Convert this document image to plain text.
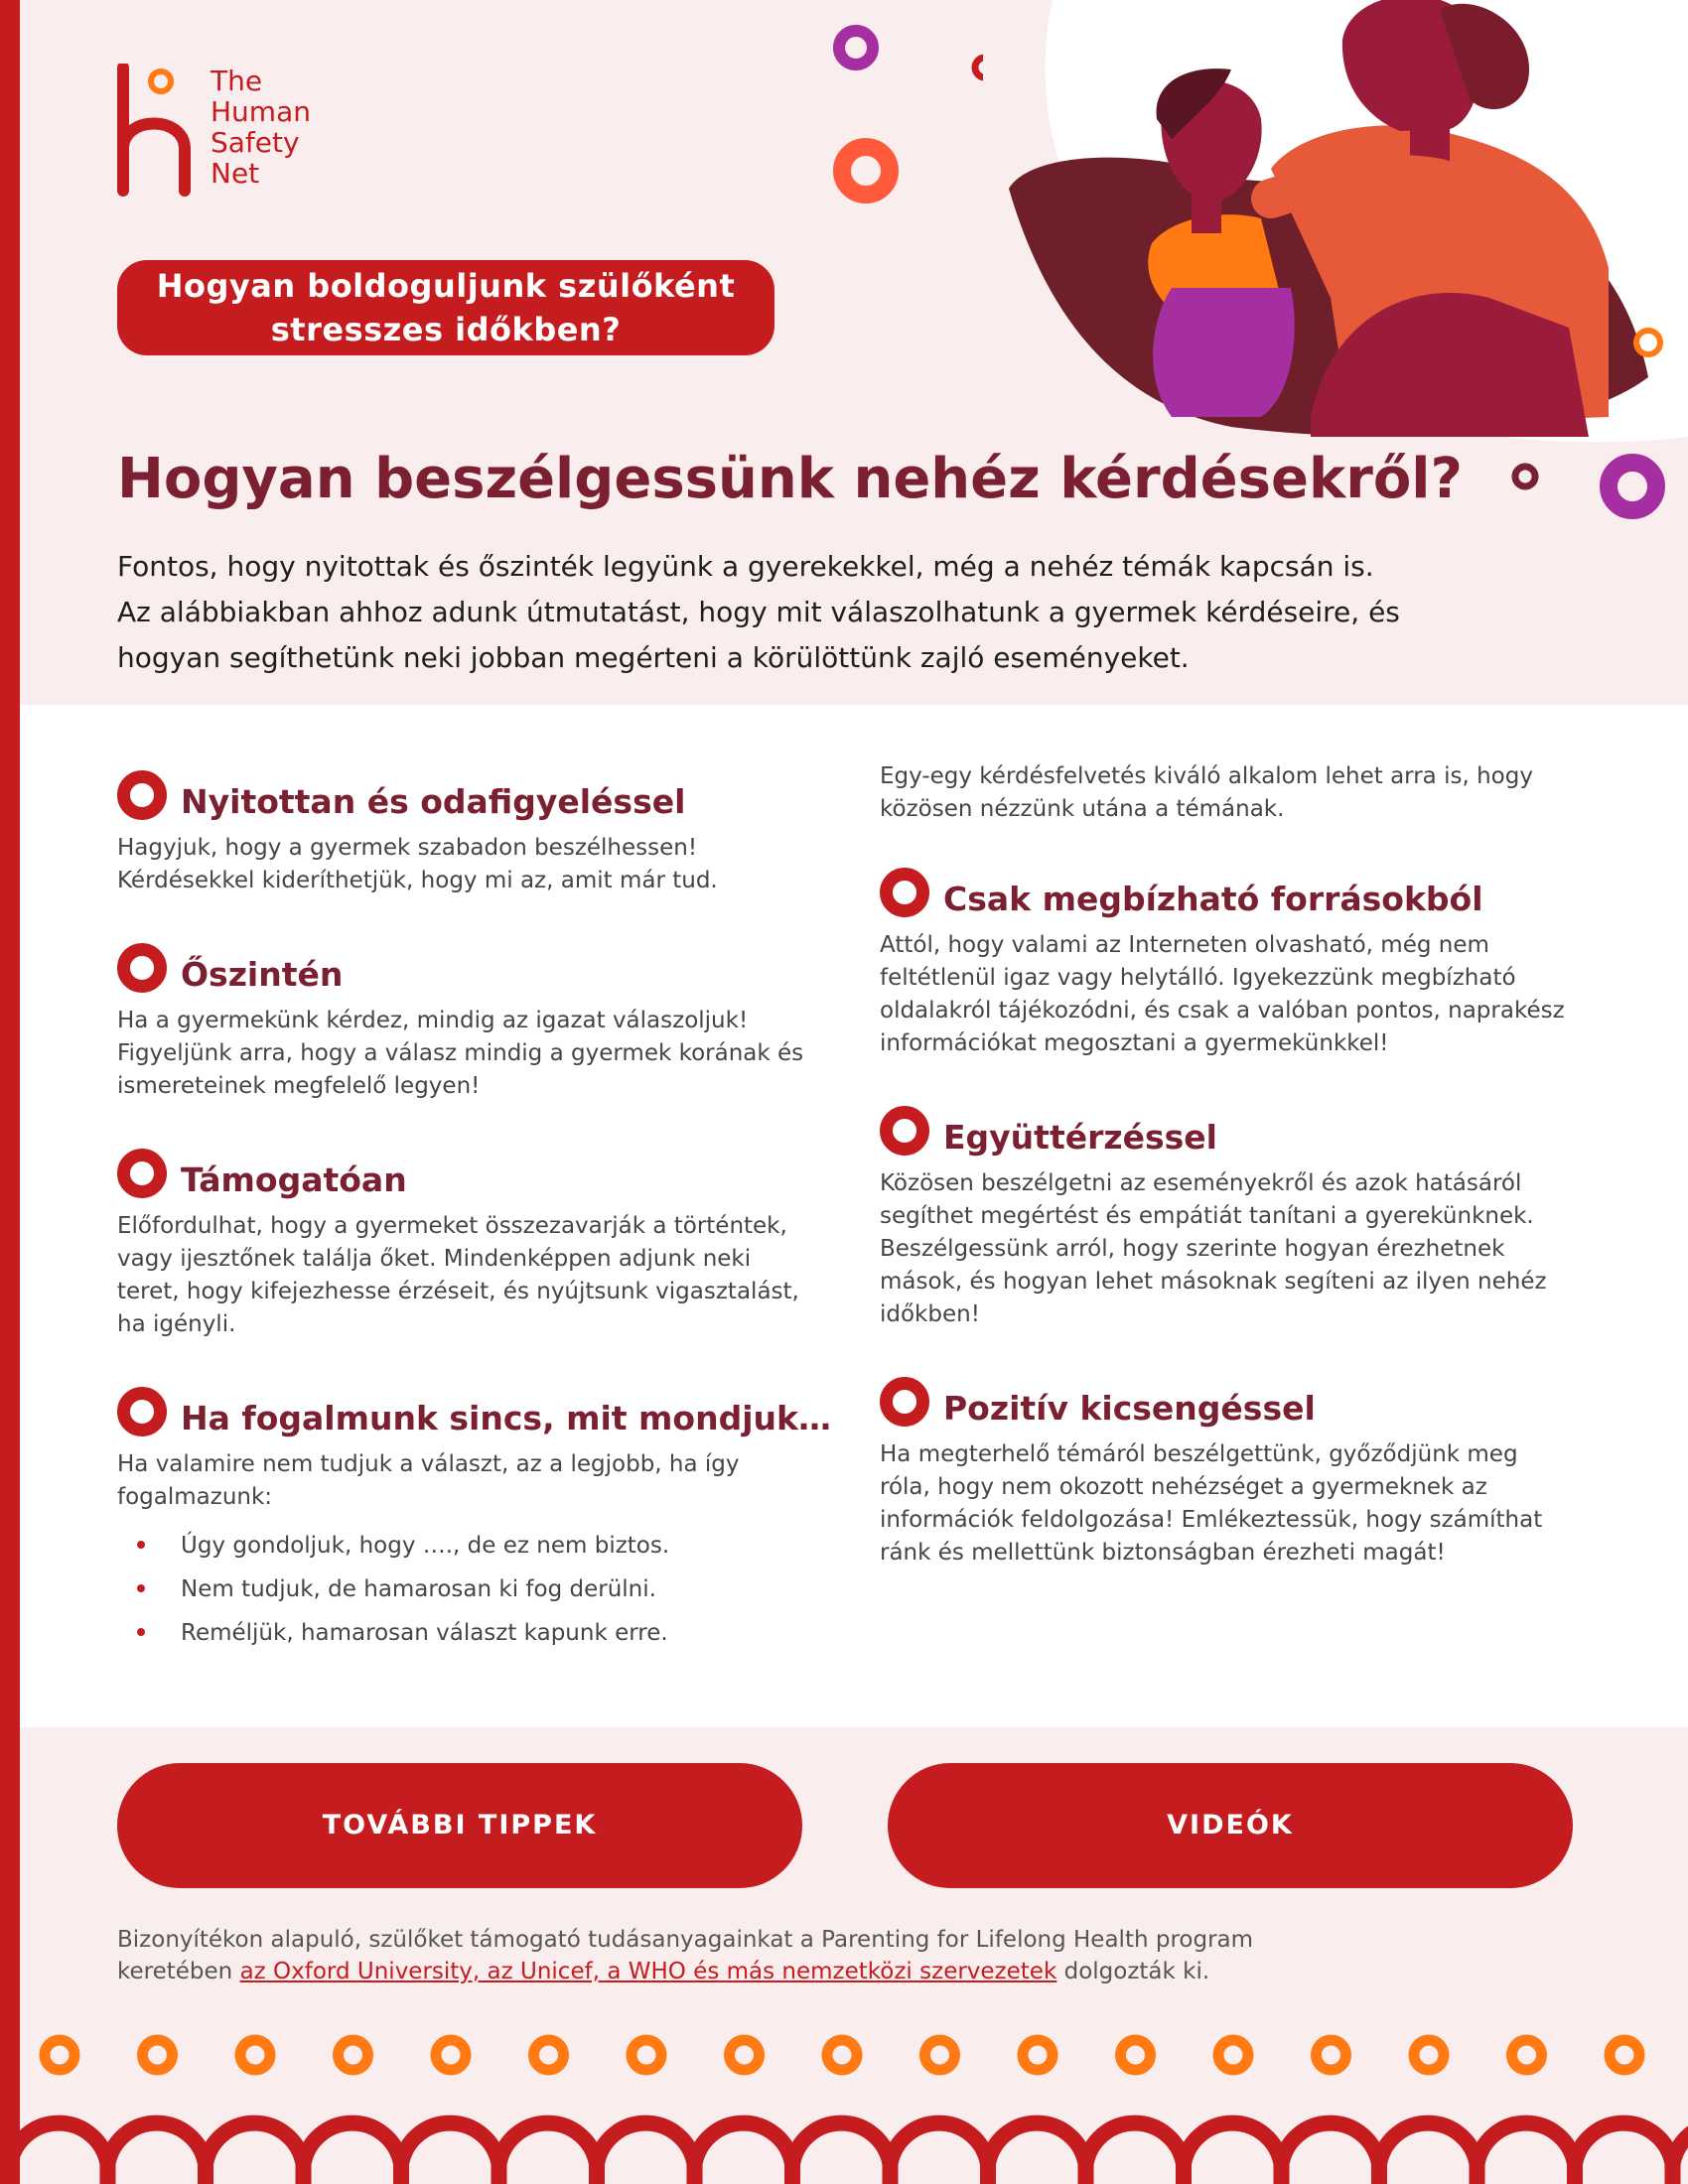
The
Human
Safety
Net
Hogyan boldoguljunk szülőként
stresszes időkben?
Hogyan beszélgessünk nehéz kérdésekről?

Fontos, hogy nyitottak és őszinték legyünk a gyerekekkel, még a nehéz témák kapcsán is.

Az alábbiakban ahhoz adunk útmutatást, hogy mit válaszolhatunk a gyermek kérdéseire, és

hogyan segíthetünk neki jobban megérteni a körülöttünk zajló eseményeket.

Nyitottan és odafigyeléssel

Hagyjuk, hogy a gyermek szabadon beszélhessen!

Kérdésekkel kideríthetjük, hogy mi az, amit már tud.

Őszintén

Ha a gyermekünk kérdez, mindig az igazat válaszoljuk!

Figyeljünk arra, hogy a válasz mindig a gyermek korának és

ismereteinek megfelelő legyen!

Támogatóan

Előfordulhat, hogy a gyermeket összezavarják a történtek,

vagy ijesztőnek találja őket. Mindenképpen adjunk neki

teret, hogy kifejezhesse érzéseit, és nyújtsunk vigasztalást,

ha igényli.

Ha fogalmunk sincs, mit mondjuk…

Ha valamire nem tudjuk a választ, az a legjobb, ha így

fogalmazunk:

Úgy gondoljuk, hogy …., de ez nem biztos.
Nem tudjuk, de hamarosan ki fog derülni.
Reméljük, hamarosan választ kapunk erre.

Egy-egy kérdésfelvetés kiváló alkalom lehet arra is, hogy

közösen nézzünk utána a témának.

Csak megbízható forrásokból

Attól, hogy valami az Interneten olvasható, még nem

feltétlenül igaz vagy helytálló. Igyekezzünk megbízható

oldalakról tájékozódni, és csak a valóban pontos, naprakész

információkat megosztani a gyermekünkkel!

Együttérzéssel

Közösen beszélgetni az eseményekről és azok hatásáról

segíthet megértést és empátiát tanítani a gyerekünknek.

Beszélgessünk arról, hogy szerinte hogyan érezhetnek

mások, és hogyan lehet másoknak segíteni az ilyen nehéz

időkben!

Pozitív kicsengéssel

Ha megterhelő témáról beszélgettünk, győződjünk meg

róla, hogy nem okozott nehézséget a gyermeknek az

információk feldolgozása! Emlékeztessük, hogy számíthat

ránk és mellettünk biztonságban érezheti magát!

TOVÁBBI TIPPEK	VIDEÓK

Bizonyítékon alapuló, szülőket támogató tudásanyagainkat a Parenting for Lifelong Health program

keretében az Oxford University, az Unicef, a WHO és más nemzetközi szervezetek dolgozták ki.
